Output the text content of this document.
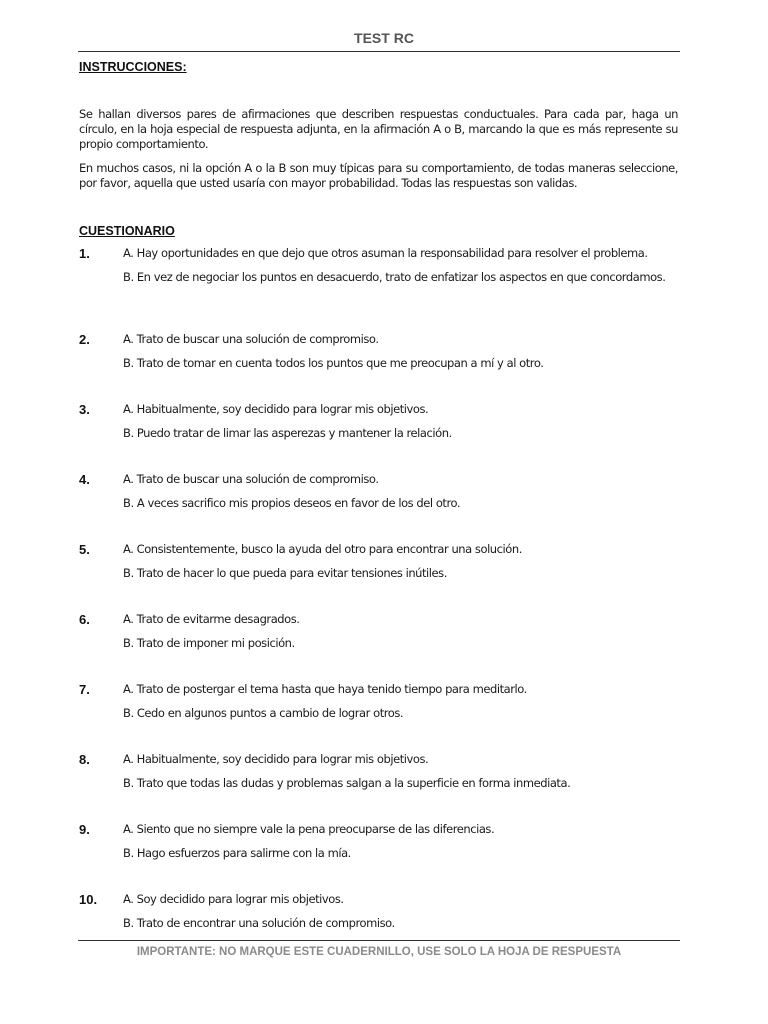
TEST RC
INSTRUCCIONES:
Se hallan diversos pares de afirmaciones que describen respuestas conductuales. Para cada par, haga un círculo, en la hoja especial de respuesta adjunta, en la afirmación A o B, marcando la que es más represente su propio comportamiento.
En muchos casos, ni la opción A o la B son muy típicas para su comportamiento, de todas maneras seleccione, por favor, aquella que usted usaría con mayor probabilidad. Todas las respuestas son validas.
CUESTIONARIO
1.	A. Hay oportunidades en que dejo que otros asuman la responsabilidad para resolver el problema.
B. En vez de negociar los puntos en desacuerdo, trato de enfatizar los aspectos en que concordamos.
2.	A. Trato de buscar una solución de compromiso.
B. Trato de tomar en cuenta todos los puntos que me preocupan a mí y al otro.
3.	A. Habitualmente, soy decidido para lograr mis objetivos.
B. Puedo tratar de limar las asperezas y mantener la relación.
4.	A. Trato de buscar una solución de compromiso.
B. A veces sacrifico mis propios deseos en favor de los del otro.
5.	A. Consistentemente, busco la ayuda del otro para encontrar una solución.
B. Trato de hacer lo que pueda para evitar tensiones inútiles.
6.	A. Trato de evitarme desagrados.
B. Trato de imponer mi posición.
7.	A. Trato de postergar el tema hasta que haya tenido tiempo para meditarlo.
B. Cedo en algunos puntos a cambio de lograr otros.
8.	A. Habitualmente, soy decidido para lograr mis objetivos.
B. Trato que todas las dudas y problemas salgan a la superficie en forma inmediata.
9.	A. Siento que no siempre vale la pena preocuparse de las diferencias.
B. Hago esfuerzos para salirme con la mía.
10. A. Soy decidido para lograr mis objetivos.
B. Trato de encontrar una solución de compromiso.
IMPORTANTE: NO MARQUE ESTE CUADERNILLO, USE SOLO LA HOJA DE RESPUESTA
